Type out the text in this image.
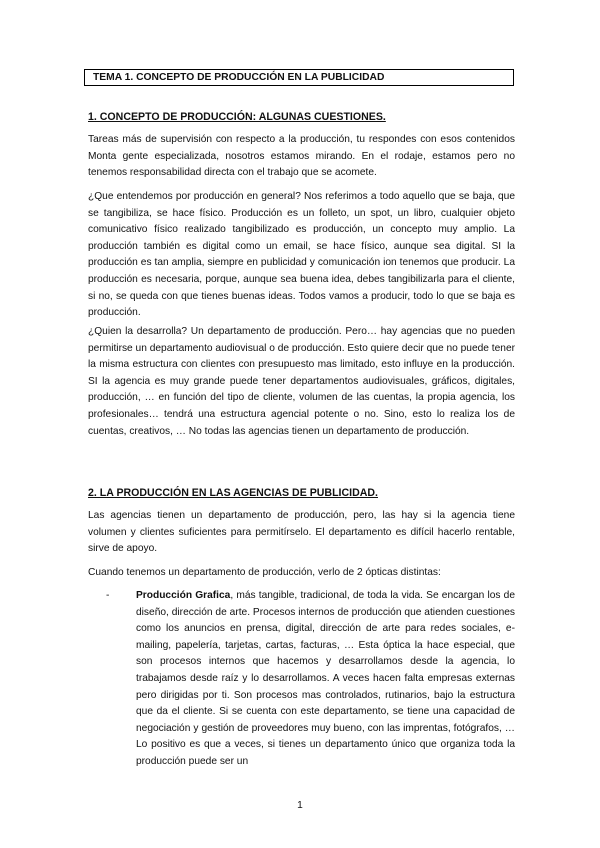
TEMA 1. CONCEPTO DE PRODUCCIÓN EN LA PUBLICIDAD
1. CONCEPTO DE PRODUCCIÓN: ALGUNAS CUESTIONES.
Tareas más de supervisión con respecto a la producción, tu respondes con esos contenidos Monta gente especializada, nosotros estamos mirando. En el rodaje, estamos pero no tenemos responsabilidad directa con el trabajo que se acomete.
¿Que entendemos por producción en general? Nos referimos a todo aquello que se baja, que se tangibiliza, se hace físico. Producción es un folleto, un spot, un libro, cualquier objeto comunicativo físico realizado tangibilizado es producción, un concepto muy amplio. La producción también es digital como un email, se hace físico, aunque sea digital. SI la producción es tan amplia, siempre en publicidad y comunicación ion tenemos que producir. La producción es necesaria, porque, aunque sea buena idea, debes tangibilizarla para el cliente, si no, se queda con que tienes buenas ideas. Todos vamos a producir, todo lo que se baja es producción.
¿Quien la desarrolla? Un departamento de producción. Pero… hay agencias que no pueden permitirse un departamento audiovisual o de producción. Esto quiere decir que no puede tener la misma estructura con clientes con presupuesto mas limitado, esto influye en la producción. SI la agencia es muy grande puede tener departamentos audiovisuales, gráficos, digitales, producción, … en función del tipo de cliente, volumen de las cuentas, la propia agencia, los profesionales… tendrá una estructura agencial potente o no. Sino, esto lo realiza los de cuentas, creativos, … No todas las agencias tienen un departamento de producción.
2. LA PRODUCCIÓN EN LAS AGENCIAS DE PUBLICIDAD.
Las agencias tienen un departamento de producción, pero, las hay si la agencia tiene volumen y clientes suficientes para permitírselo. El departamento es difícil hacerlo rentable, sirve de apoyo.
Cuando tenemos un departamento de producción, verlo de 2 ópticas distintas:
-	Producción Grafica, más tangible, tradicional, de toda la vida. Se encargan los de diseño, dirección de arte. Procesos internos de producción que atienden cuestiones como los anuncios en prensa, digital, dirección de arte para redes sociales, e-mailing, papelería, tarjetas, cartas, facturas, … Esta óptica la hace especial, que son procesos internos que hacemos y desarrollamos desde la agencia, lo trabajamos desde raíz y lo desarrollamos. A veces hacen falta empresas externas pero dirigidas por ti. Son procesos mas controlados, rutinarios, bajo la estructura que da el cliente. Si se cuenta con este departamento, se tiene una capacidad de negociación y gestión de proveedores muy bueno, con las imprentas, fotógrafos, … Lo positivo es que a veces, si tienes un departamento único que organiza toda la producción puede ser un
1
